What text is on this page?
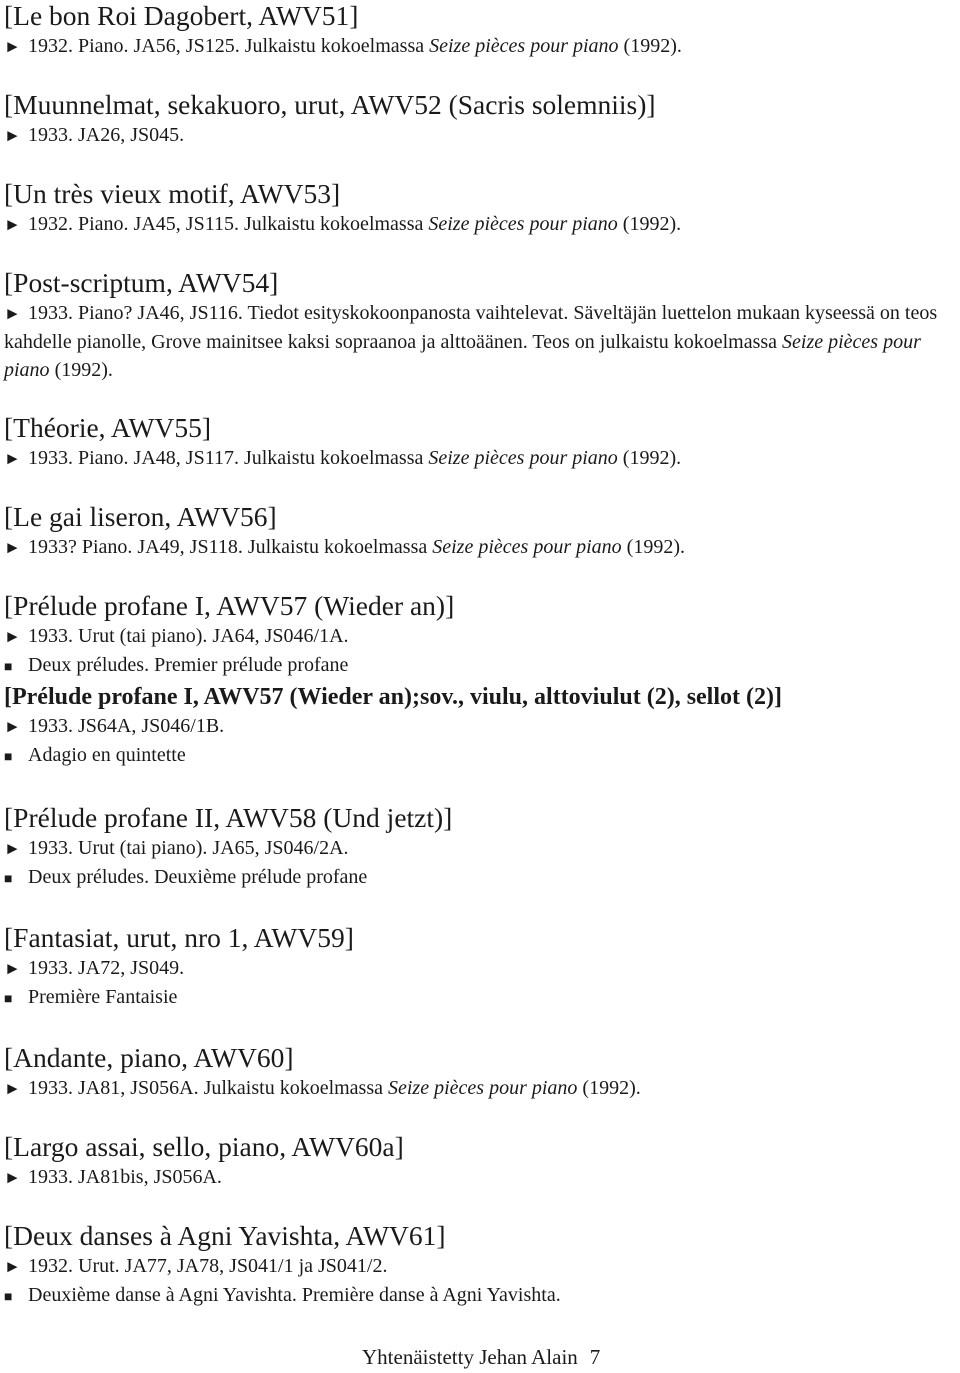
[Le bon Roi Dagobert, AWV51]

► 1932. Piano. JA56, JS125. Julkaistu kokoelmassa Seize pièces pour piano (1992).

[Muunnelmat, sekakuoro, urut, AWV52 (Sacris solemniis)]

► 1933. JA26, JS045.

[Un très vieux motif, AWV53]

► 1932. Piano. JA45, JS115. Julkaistu kokoelmassa Seize pièces pour piano (1992).

[Post-scriptum, AWV54]

► 1933. Piano? JA46, JS116. Tiedot esityskokoonpanosta vaihtelevat. Säveltäjän luettelon mukaan kyseessä on teos kahdelle pianolle, Grove mainitsee kaksi sopraanoa ja alttoäänen. Teos on julkaistu kokoelmassa Seize pièces pour piano (1992).

[Théorie, AWV55]

► 1933. Piano. JA48, JS117. Julkaistu kokoelmassa Seize pièces pour piano (1992).

[Le gai liseron, AWV56]

► 1933? Piano. JA49, JS118. Julkaistu kokoelmassa Seize pièces pour piano (1992).

[Prélude profane I, AWV57 (Wieder an)]

► 1933. Urut (tai piano). JA64, JS046/1A.

■ Deux préludes. Premier prélude profane

[Prélude profane I, AWV57 (Wieder an);sov., viulu, alttoviulut (2), sellot (2)]

► 1933. JS64A, JS046/1B.

■ Adagio en quintette

[Prélude profane II, AWV58 (Und jetzt)]

► 1933. Urut (tai piano). JA65, JS046/2A.

■ Deux préludes. Deuxième prélude profane

[Fantasiat, urut, nro 1, AWV59]

► 1933. JA72, JS049.

■ Première Fantaisie

[Andante, piano, AWV60]

► 1933. JA81, JS056A. Julkaistu kokoelmassa Seize pièces pour piano (1992).

[Largo assai, sello, piano, AWV60a]

► 1933. JA81bis, JS056A.

[Deux danses à Agni Yavishta, AWV61]

► 1932. Urut. JA77, JA78, JS041/1 ja JS041/2.

■ Deuxième danse à Agni Yavishta. Première danse à Agni Yavishta.

Yhtenäistetty Jehan Alain 7
